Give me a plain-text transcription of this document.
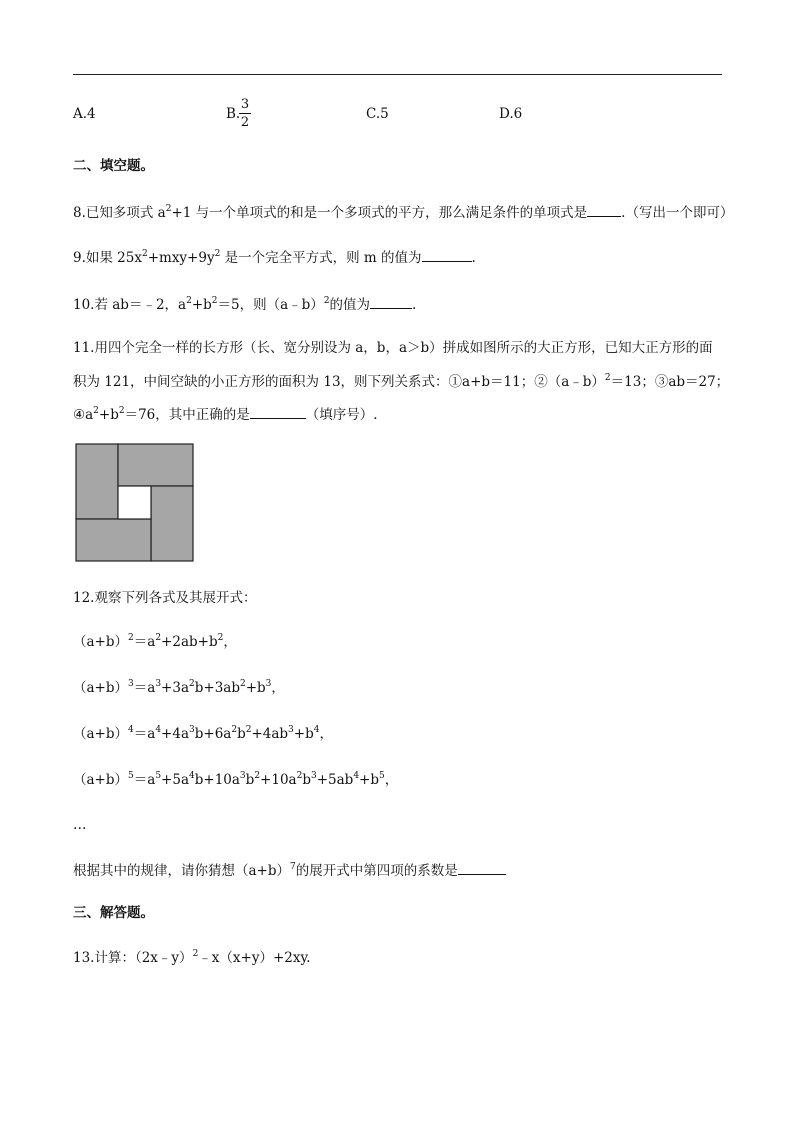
A.4	B.
3
2
C.5	D.6
二、填空题。
8.已知多项式 $a^2+1$ 与一个单项式的和是一个多项式的平方，那么满足条件的单项式是	.（写出一个即可）
9.如果 $25x^2+mxy+9y^2$ 是一个完全平方式，则 m 的值为	.
10.若 ab＝﹣2，$a^2+b^2=5$，则（a﹣b）$^2$的值为	.
11.用四个完全一样的长方形（长、宽分别设为 a，b，a＞b）拼成如图所示的大正方形，已知大正方形的面
积为 121，中间空缺的小正方形的面积为 13，则下列关系式：①a+b＝11；②（a﹣b）$^2$＝13；③ab＝27；
$④a^2+b^2=76$，其中正确的是	（填序号）.
12.观察下列各式及其展开式：
$(a+b)^2=a^2+2ab+b^2$，
$(a+b)^3=a^3+3a^2b+3ab^2+b^3$，
$(a+b)^4=a^4+4a^3b+6a^2b^2+4ab^3+b^4$，
$(a+b)^5=a^5+5a^4b+10a^3b^2+10a^2b^3+5ab^4+b^5$，
…
根据其中的规律，请你猜想$(a+b)^7$的展开式中第四项的系数是
三、解答题。
13.计算：（2x﹣y）$^2$﹣x（x+y）+2xy.
